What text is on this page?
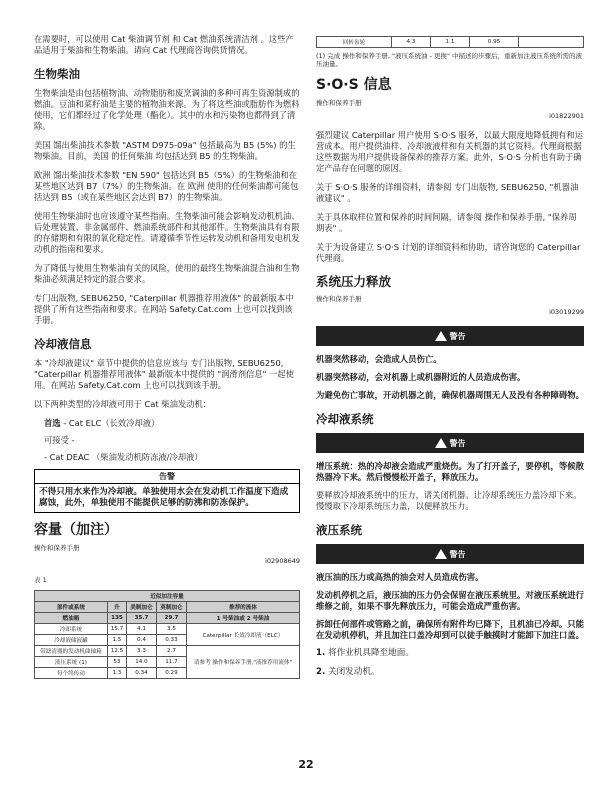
在需要时，可以使用 Cat 柴油调节剂 和 Cat 燃油系统清洁剂 。这些产品适用于柴油和生物柴油。请向 Cat 代理商咨询供货情况。

生物柴油

生物柴油是由包括植物油、动物脂肪和废烹调油的多种可再生资源制成的燃油。豆油和菜籽油是主要的植物油来源。为了将这些油或脂肪作为燃料使用，它们都经过了化学处理（酯化）。其中的水和污染物也都得到了清除。

美国 馏出柴油技术参数 "ASTM D975-09a" 包括最高为 B5 (5%) 的生物柴油。目前，美国 的任何柴油 均包括达到 B5 的生物柴油。

欧洲 馏出柴油技术参数 "EN 590" 包括达到 B5（5%）的生物柴油和在某些地区达到 B7（7%）的生物柴油。在 欧洲 使用的任何柴油都可能包括达到 B5（或在某些地区会达到 B7）的生物柴油。

使用生物柴油时也应该遵守某些指南。生物柴油可能会影响发动机机油、后处理装置、非金属部件、燃油系统部件和其他部件。生物柴油具有有限的存储期和有限的氧化稳定性。请遵循季节性运转发动机和备用发电机发动机的指南和要求。

为了降低与使用生物柴油有关的风险，使用的最终生物柴油混合油和生物柴油必须满足特定的混合要求。

专门出版物, SEBU6250, "Caterpillar 机器推荐用液体" 的最新版本中提供了所有这些指南和要求。在网站 Safety.Cat.com 上也可以找到该手册。

冷却液信息

本 "冷却液建议" 章节中提供的信息应该与 专门出版物, SEBU6250, "Caterpillar 机器推荐用液体" 最新版本中提供的 "润滑剂信息" 一起使用。在网站 Safety.Cat.com 上也可以找到该手册。

以下两种类型的冷却液可用于 Cat 柴油发动机：

首选 - Cat ELC（长效冷却液）
可接受 -
- Cat DEAC （柴油发动机防冻液/冷却液）
告警
不得只用水来作为冷却液。单独使用水会在发动机工作温度下造成腐蚀，此外，单独使用不能提供足够的防沸和防冻保护。
容量（加注）

操作和保养手册

i02908649

表 1

近似加注容量				
部件或系统	升	美制加仑	英制加仑	推荐的流体
燃油箱	135	35.7	29.7	1 号柴油或 2 号柴油
冷却系统	15.7	4.1	3.5	Caterpillar 长效冷却液（ELC）
冷却液储液罐	1.5	0.4	0.33	
带滤清器的发动机曲轴箱	12.5	3.3	2.7	请参考 操作和保养手册,"液推荐用流体"
液压系统 (1)	53	14.0	11.7	
每个终传动	1.3	0.34	0.29	
回转齿轮	4.3	1.1	0.95	

(1) 完成 操作和保养手册, "液压系统油 - 更换" 中描述的步骤后，重新加注液压系统所需的液压油量。

S·O·S 信息

操作和保养手册

i01822901

强烈建议 Caterpillar 用户使用 S·O·S 服务，以最大限度地降低拥有和运营成本。用户提供油样、冷却液液样和有关机器的其它资料。代理商根据这些数据为用户提供设备保养的推荐方案。此外，S·O·S 分析也有助于确定产品存在问题的原因。

关于 S·O·S 服务的详细资料，请参阅 专门出版物, SEBU6250, "机器油液建议" 。

关于具体取样位置和保养的时间间隔，请参阅 操作和保养手册, "保养周期表" 。

关于为设备建立 S·O·S 计划的详细资料和协助，请咨询您的 Caterpillar 代理商。

系统压力释放

操作和保养手册

i03019299

警告

机器突然移动，会造成人员伤亡。

机器突然移动，会对机器上或机器附近的人员造成伤害。

为避免伤亡事故，开动机器之前，确保机器周围无人及没有各种障碍物。

冷却液系统
警告

增压系统：热的冷却液会造成严重烧伤。为了打开盖子，要停机，等候散热器冷下来。然后慢慢松开盖子，释放压力。

要释放冷却液系统中的压力，请关闭机器。让冷却系统压力盖冷却下来。慢慢取下冷却系统压力盖，以便释放压力。

液压系统
警告

液压油的压力或高热的油会对人员造成伤害。

发动机停机之后，液压油的压力仍会保留在液压系统里。对液压系统进行维修之前，如果不事先释放压力，可能会造成严重伤害。

拆卸任何部件或管路之前，确保所有附件均已降下，且机油已冷却。只能在发动机停机，并且加注口盖冷却到可以徒手触摸时才能卸下加注口盖。

1. 将作业机具降至地面。

2. 关闭发动机。

22
